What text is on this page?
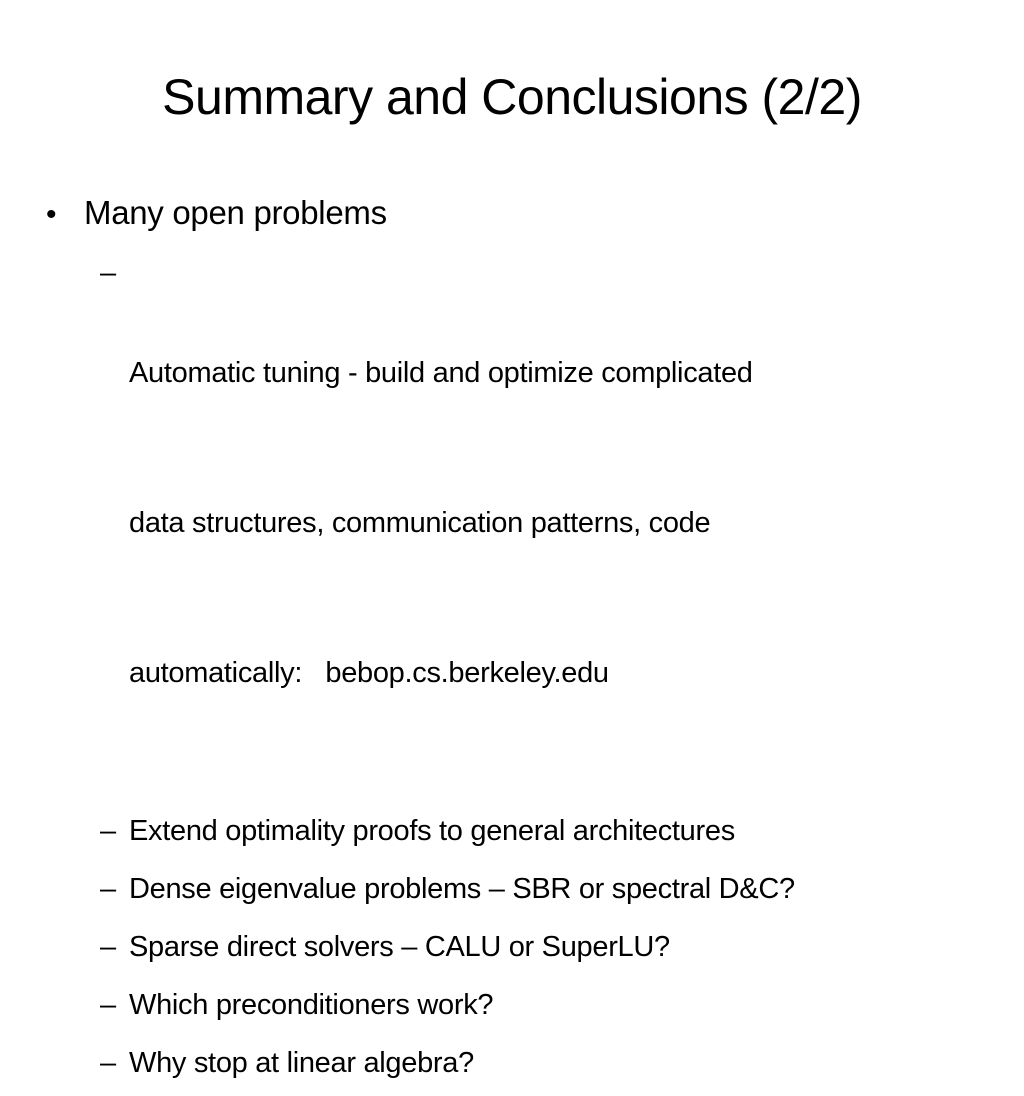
Summary and Conclusions (2/2)
• Many open problems
–

Automatic tuning - build and optimize complicated

data structures, communication patterns, code

automatically:   bebop.cs.berkeley.edu

– Extend optimality proofs to general architectures
– Dense eigenvalue problems – SBR or spectral D&C?
– Sparse direct solvers – CALU or SuperLU?
– Which preconditioners work?
– Why stop at linear algebra?
